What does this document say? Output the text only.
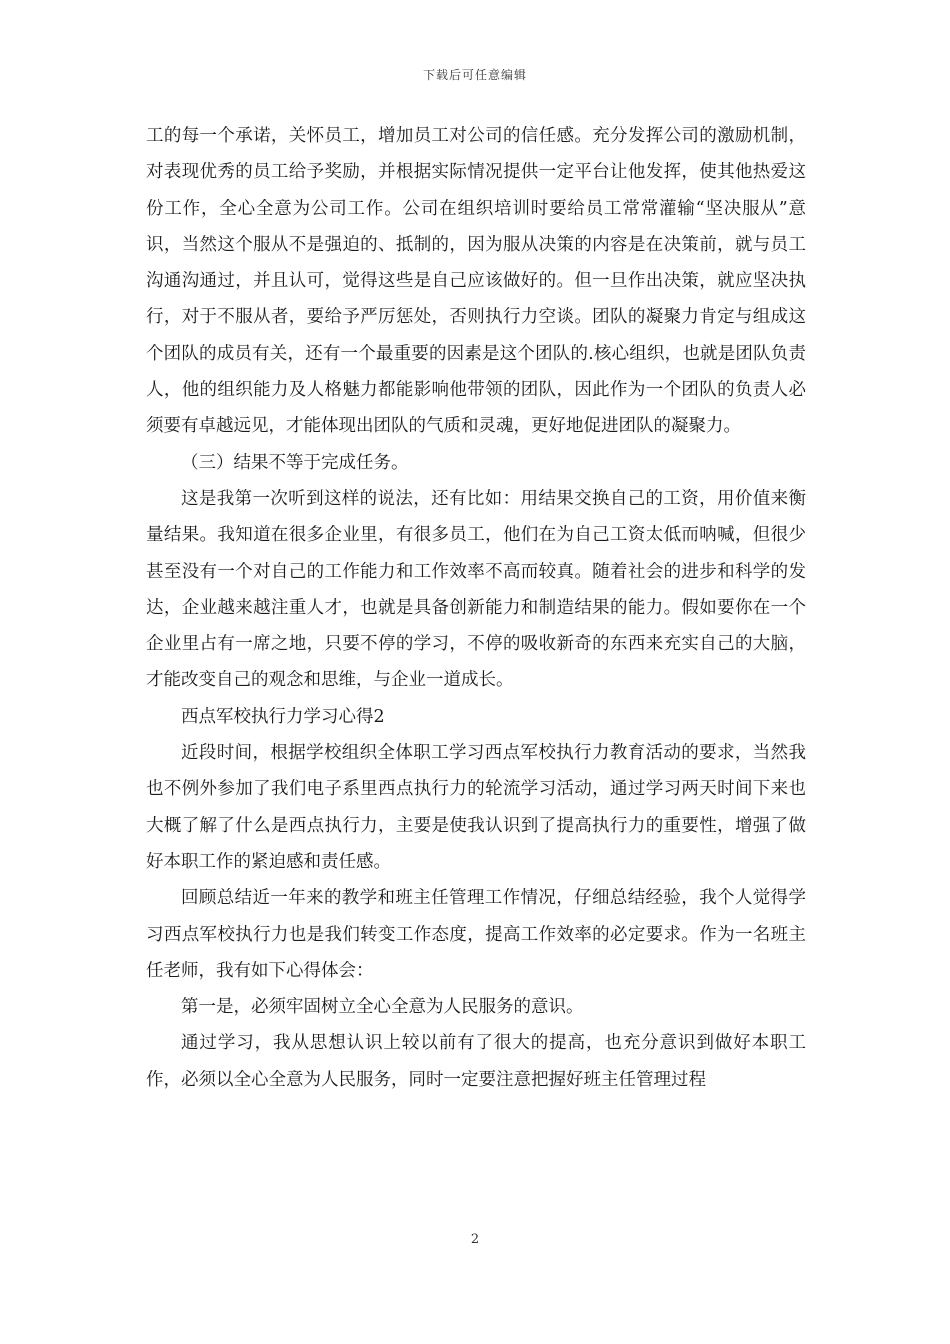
下载后可任意编辑

工的每一个承诺，关怀员工，增加员工对公司的信任感。充分发挥公司的激励机制，对表现优秀的员工给予奖励，并根据实际情况提供一定平台让他发挥，使其他热爱这份工作，全心全意为公司工作。公司在组织培训时要给员工常常灌输“坚决服从”意识，当然这个服从不是强迫的、抵制的，因为服从决策的内容是在决策前，就与员工沟通沟通过，并且认可，觉得这些是自己应该做好的。但一旦作出决策，就应坚决执行，对于不服从者，要给予严厉惩处，否则执行力空谈。团队的凝聚力肯定与组成这个团队的成员有关，还有一个最重要的因素是这个团队的.核心组织，也就是团队负责人，他的组织能力及人格魅力都能影响他带领的团队，因此作为一个团队的负责人必须要有卓越远见，才能体现出团队的气质和灵魂，更好地促进团队的凝聚力。

（三）结果不等于完成任务。

这是我第一次听到这样的说法，还有比如：用结果交换自己的工资，用价值来衡量结果。我知道在很多企业里，有很多员工，他们在为自己工资太低而呐喊，但很少甚至没有一个对自己的工作能力和工作效率不高而较真。随着社会的进步和科学的发达，企业越来越注重人才，也就是具备创新能力和制造结果的能力。假如要你在一个企业里占有一席之地，只要不停的学习，不停的吸收新奇的东西来充实自己的大脑，才能改变自己的观念和思维，与企业一道成长。

西点军校执行力学习心得2

近段时间，根据学校组织全体职工学习西点军校执行力教育活动的要求，当然我也不例外参加了我们电子系里西点执行力的轮流学习活动，通过学习两天时间下来也大概了解了什么是西点执行力，主要是使我认识到了提高执行力的重要性，增强了做好本职工作的紧迫感和责任感。

回顾总结近一年来的教学和班主任管理工作情况，仔细总结经验，我个人觉得学习西点军校执行力也是我们转变工作态度，提高工作效率的必定要求。作为一名班主任老师，我有如下心得体会：

第一是，必须牢固树立全心全意为人民服务的意识。

通过学习，我从思想认识上较以前有了很大的提高，也充分意识到做好本职工作，必须以全心全意为人民服务，同时一定要注意把握好班主任管理过程

2
